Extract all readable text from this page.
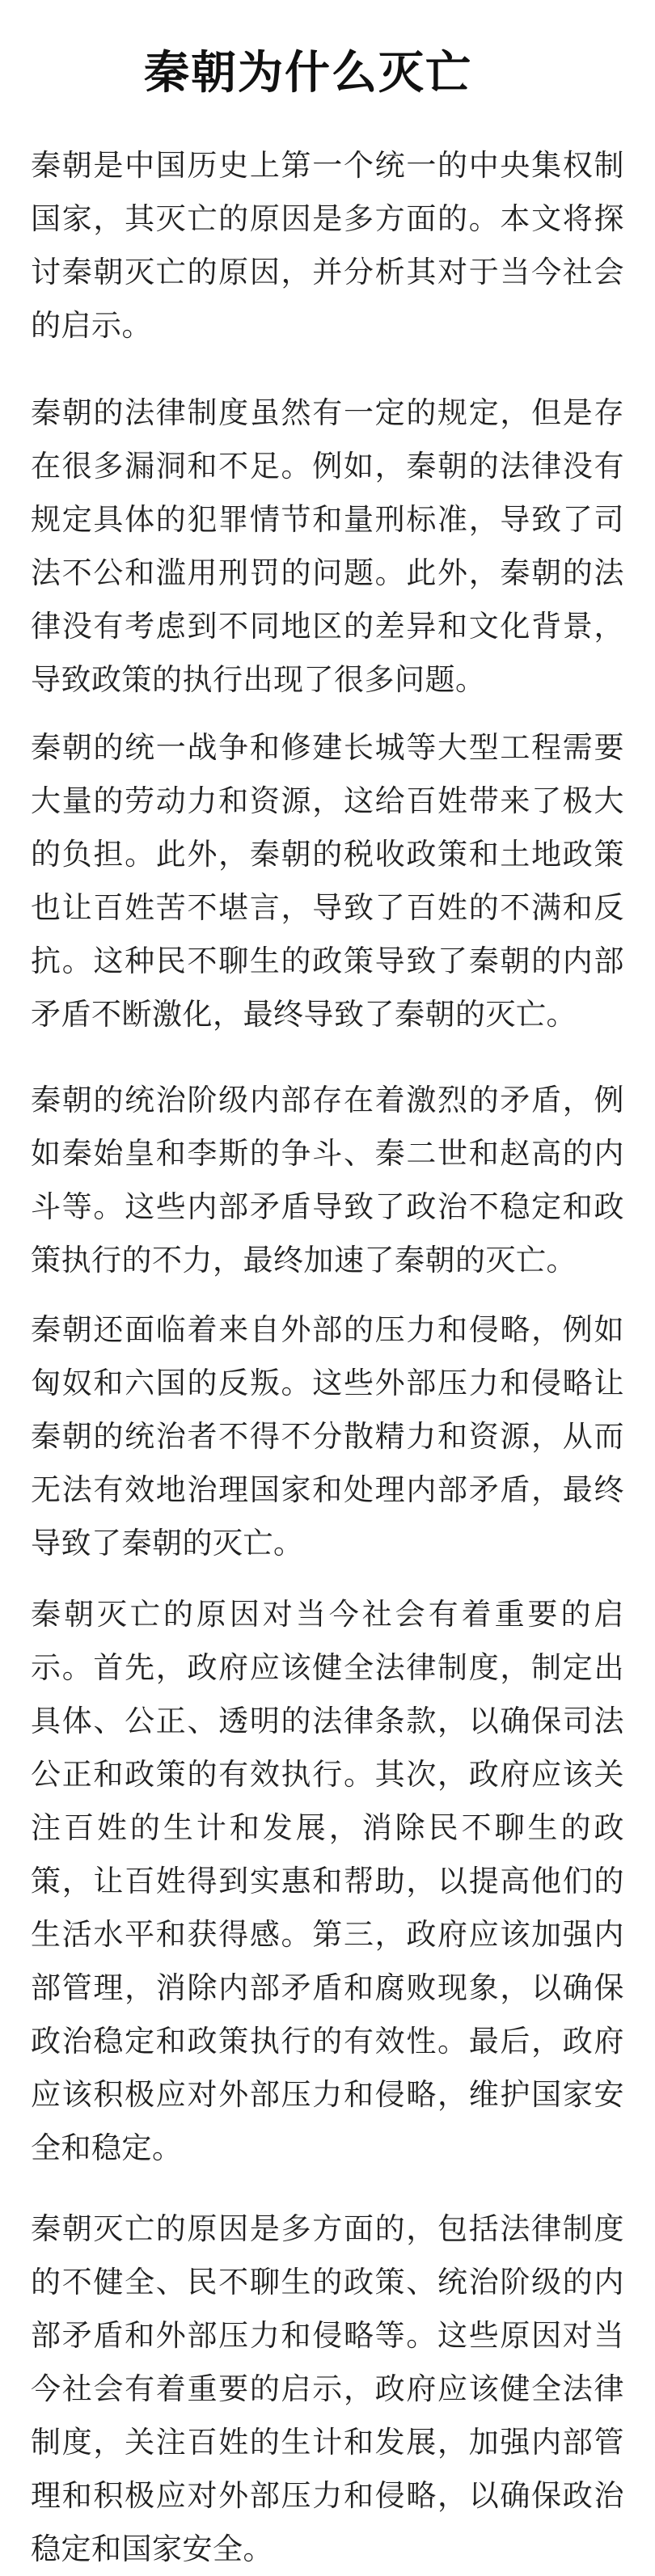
秦朝为什么灭亡

秦朝是中国历史上第一个统一的中央集权制国家，其灭亡的原因是多方面的。本文将探讨秦朝灭亡的原因，并分析其对于当今社会的启示。

秦朝的法律制度虽然有一定的规定，但是存在很多漏洞和不足。例如，秦朝的法律没有规定具体的犯罪情节和量刑标准，导致了司法不公和滥用刑罚的问题。此外，秦朝的法律没有考虑到不同地区的差异和文化背景，导致政策的执行出现了很多问题。

秦朝的统一战争和修建长城等大型工程需要大量的劳动力和资源，这给百姓带来了极大的负担。此外，秦朝的税收政策和土地政策也让百姓苦不堪言，导致了百姓的不满和反抗。这种民不聊生的政策导致了秦朝的内部矛盾不断激化，最终导致了秦朝的灭亡。

秦朝的统治阶级内部存在着激烈的矛盾，例如秦始皇和李斯的争斗、秦二世和赵高的内斗等。这些内部矛盾导致了政治不稳定和政策执行的不力，最终加速了秦朝的灭亡。

秦朝还面临着来自外部的压力和侵略，例如匈奴和六国的反叛。这些外部压力和侵略让秦朝的统治者不得不分散精力和资源，从而无法有效地治理国家和处理内部矛盾，最终导致了秦朝的灭亡。

秦朝灭亡的原因对当今社会有着重要的启示。首先，政府应该健全法律制度，制定出具体、公正、透明的法律条款，以确保司法公正和政策的有效执行。其次，政府应该关注百姓的生计和发展，消除民不聊生的政策，让百姓得到实惠和帮助，以提高他们的生活水平和获得感。第三，政府应该加强内部管理，消除内部矛盾和腐败现象，以确保政治稳定和政策执行的有效性。最后，政府应该积极应对外部压力和侵略，维护国家安全和稳定。

秦朝灭亡的原因是多方面的，包括法律制度的不健全、民不聊生的政策、统治阶级的内部矛盾和外部压力和侵略等。这些原因对当今社会有着重要的启示，政府应该健全法律制度，关注百姓的生计和发展，加强内部管理和积极应对外部压力和侵略，以确保政治稳定和国家安全。
